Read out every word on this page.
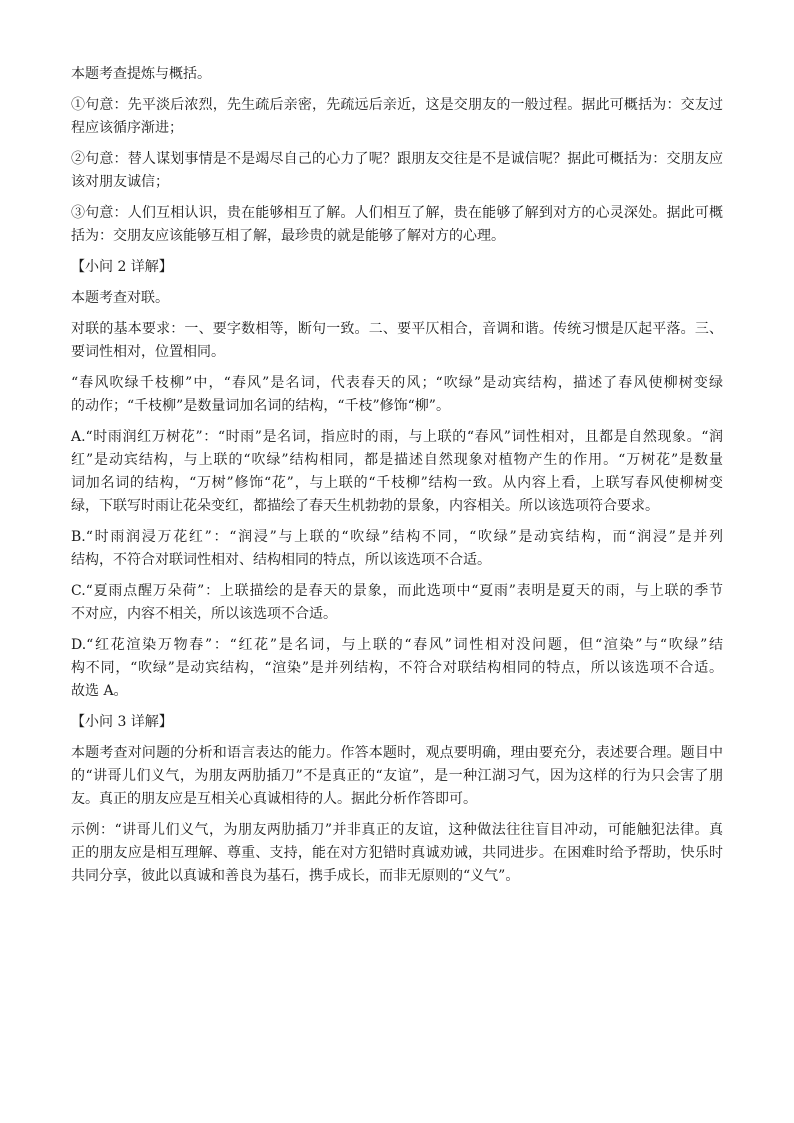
本题考查提炼与概括。
①句意：先平淡后浓烈，先生疏后亲密，先疏远后亲近，这是交朋友的一般过程。据此可概括为：交友过
程应该循序渐进；
②句意：替人谋划事情是不是竭尽自己的心力了呢？跟朋友交往是不是诚信呢？据此可概括为：交朋友应
该对朋友诚信；
③句意：人们互相认识，贵在能够相互了解。人们相互了解，贵在能够了解到对方的心灵深处。据此可概
括为：交朋友应该能够互相了解，最珍贵的就是能够了解对方的心理。
【小问 2 详解】
本题考查对联。
对联的基本要求：一、要字数相等，断句一致。二、要平仄相合，音调和谐。传统习惯是仄起平落。三、
要词性相对，位置相同。
“春风吹绿千枝柳”中，“春风”是名词，代表春天的风；“吹绿”是动宾结构，描述了春风使柳树变绿
的动作；“千枝柳”是数量词加名词的结构，“千枝”修饰“柳”。
A.“时雨润红万树花”：“时雨”是名词，指应时的雨，与上联的“春风”词性相对，且都是自然现象。“润
红”是动宾结构，与上联的“吹绿”结构相同，都是描述自然现象对植物产生的作用。“万树花”是数量
词加名词的结构，“万树”修饰“花”，与上联的“千枝柳”结构一致。从内容上看，上联写春风使柳树变
绿，下联写时雨让花朵变红，都描绘了春天生机勃勃的景象，内容相关。所以该选项符合要求。
B.“时雨润浸万花红”：“润浸”与上联的“吹绿”结构不同，“吹绿”是动宾结构，而“润浸”是并列
结构，不符合对联词性相对、结构相同的特点，所以该选项不合适。
C.“夏雨点醒万朵荷”：上联描绘的是春天的景象，而此选项中“夏雨”表明是夏天的雨，与上联的季节
不对应，内容不相关，所以该选项不合适。
D.“红花渲染万物春”：“红花”是名词，与上联的“春风”词性相对没问题，但“渲染”与“吹绿”结
构不同，“吹绿”是动宾结构，“渲染”是并列结构，不符合对联结构相同的特点，所以该选项不合适。
故选 A。
【小问 3 详解】
本题考查对问题的分析和语言表达的能力。作答本题时，观点要明确，理由要充分，表述要合理。题目中
的“讲哥儿们义气，为朋友两肋插刀”不是真正的“友谊”，是一种江湖习气，因为这样的行为只会害了朋
友。真正的朋友应是互相关心真诚相待的人。据此分析作答即可。
示例：“讲哥儿们义气，为朋友两肋插刀”并非真正的友谊，这种做法往往盲目冲动，可能触犯法律。真
正的朋友应是相互理解、尊重、支持，能在对方犯错时真诚劝诫，共同进步。在困难时给予帮助，快乐时
共同分享，彼此以真诚和善良为基石，携手成长，而非无原则的“义气”。
